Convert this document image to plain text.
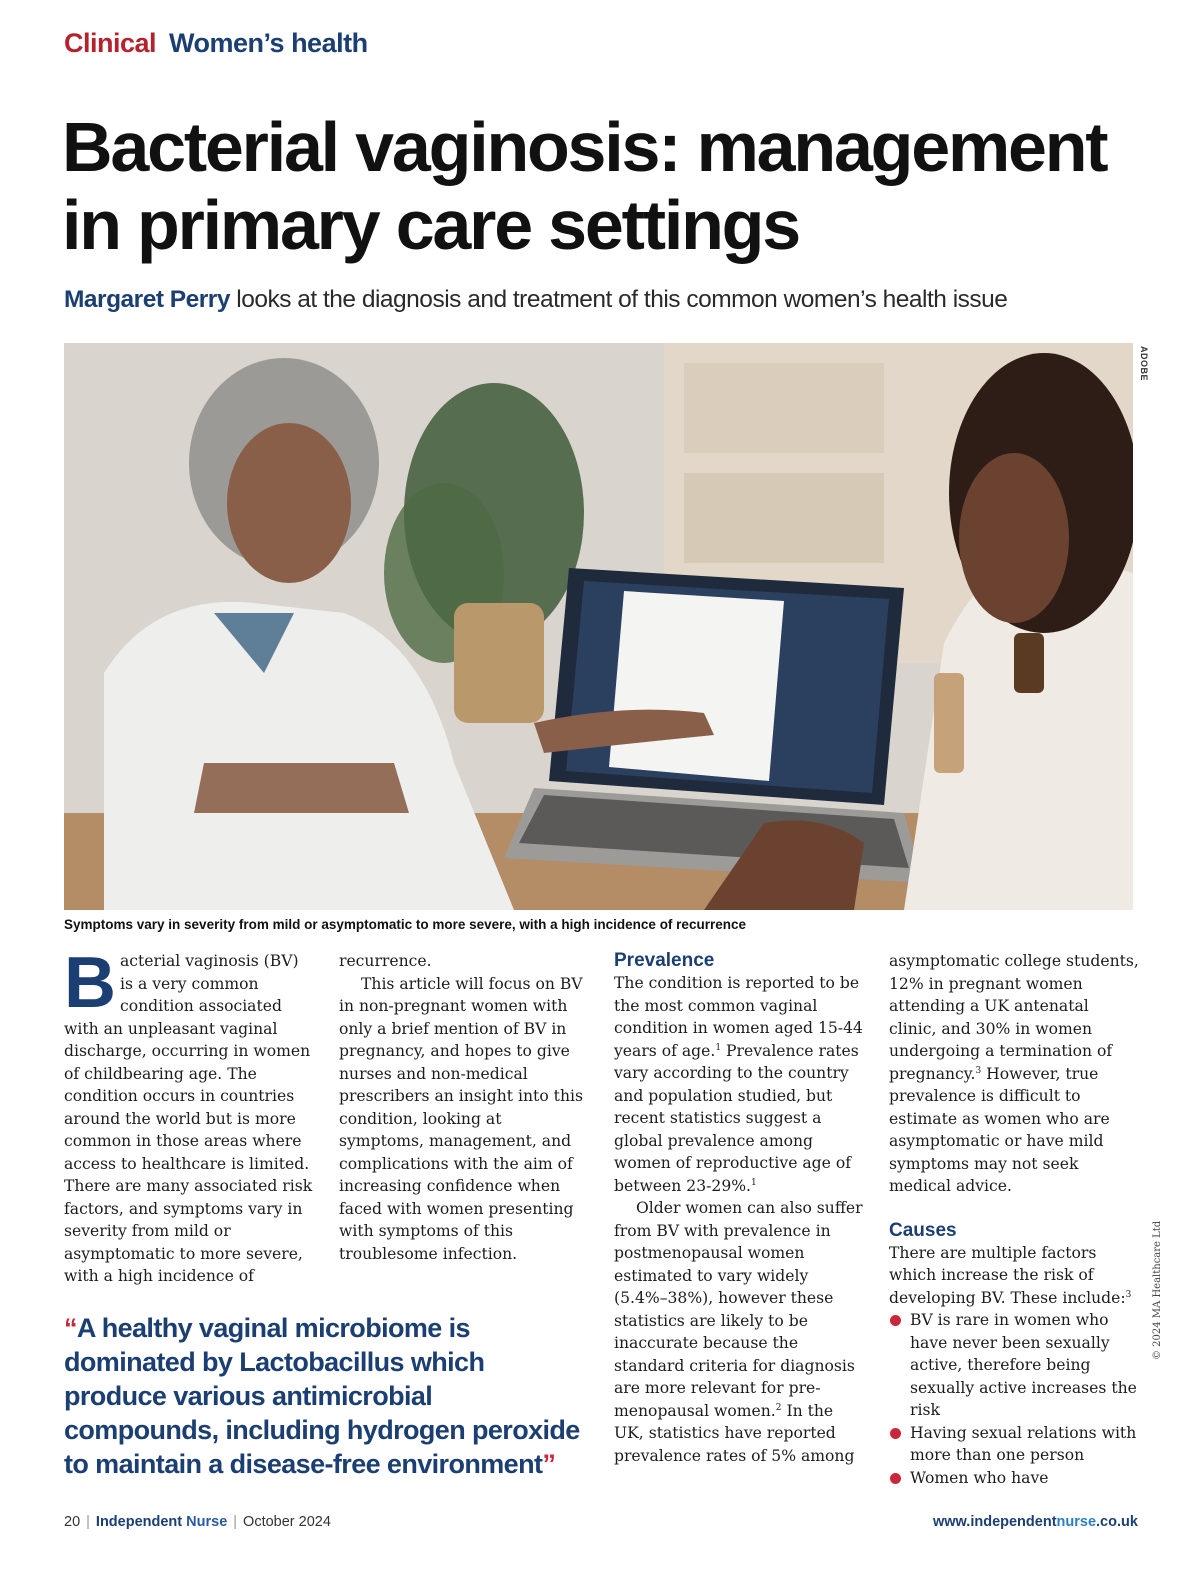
Clinical Women’s health
Bacterial vaginosis: management in primary care settings
Margaret Perry looks at the diagnosis and treatment of this common women’s health issue
ADOBE
Symptoms vary in severity from mild or asymptomatic to more severe, with a high incidence of recurrence

Bacterial vaginosis (BV) is a very common condition associated with an unpleasant vaginal discharge, occurring in women of childbearing age. The condition occurs in countries around the world but is more common in those areas where access to healthcare is limited. There are many associated risk factors, and symptoms vary in severity from mild or asymptomatic to more severe, with a high incidence of

recurrence.

This article will focus on BV in non-pregnant women with only a brief mention of BV in pregnancy, and hopes to give nurses and non-medical prescribers an insight into this condition, looking at symptoms, management, and complications with the aim of increasing confidence when faced with women presenting with symptoms of this troublesome infection.

Prevalence

The condition is reported to be the most common vaginal condition in women aged 15-44 years of age.$^1$ Prevalence rates vary according to the country and population studied, but recent statistics suggest a global prevalence among women of reproductive age of between 23-29%.$^1$

Older women can also suffer from BV with prevalence in postmenopausal women estimated to vary widely (5.4%–38%), however these statistics are likely to be inaccurate because the standard criteria for diagnosis are more relevant for pre-menopausal women.$^2$ In the UK, statistics have reported prevalence rates of 5% among

asymptomatic college students, 12% in pregnant women attending a UK antenatal clinic, and 30% in women undergoing a termination of pregnancy.$^3$ However, true prevalence is difficult to estimate as women who are asymptomatic or have mild symptoms may not seek medical advice.

Causes

There are multiple factors which increase the risk of developing BV. These include:$^3$

BV is rare in women who have never been sexually active, therefore being sexually active increases the risk
Having sexual relations with more than one person
Women who have
“A healthy vaginal microbiome is dominated by Lactobacillus which produce various antimicrobial compounds, including hydrogen peroxide to maintain a disease-free environment”
© 2024 MA Healthcare Ltd
20 | Independent Nurse | October 2024	www.independentnurse.co.uk
